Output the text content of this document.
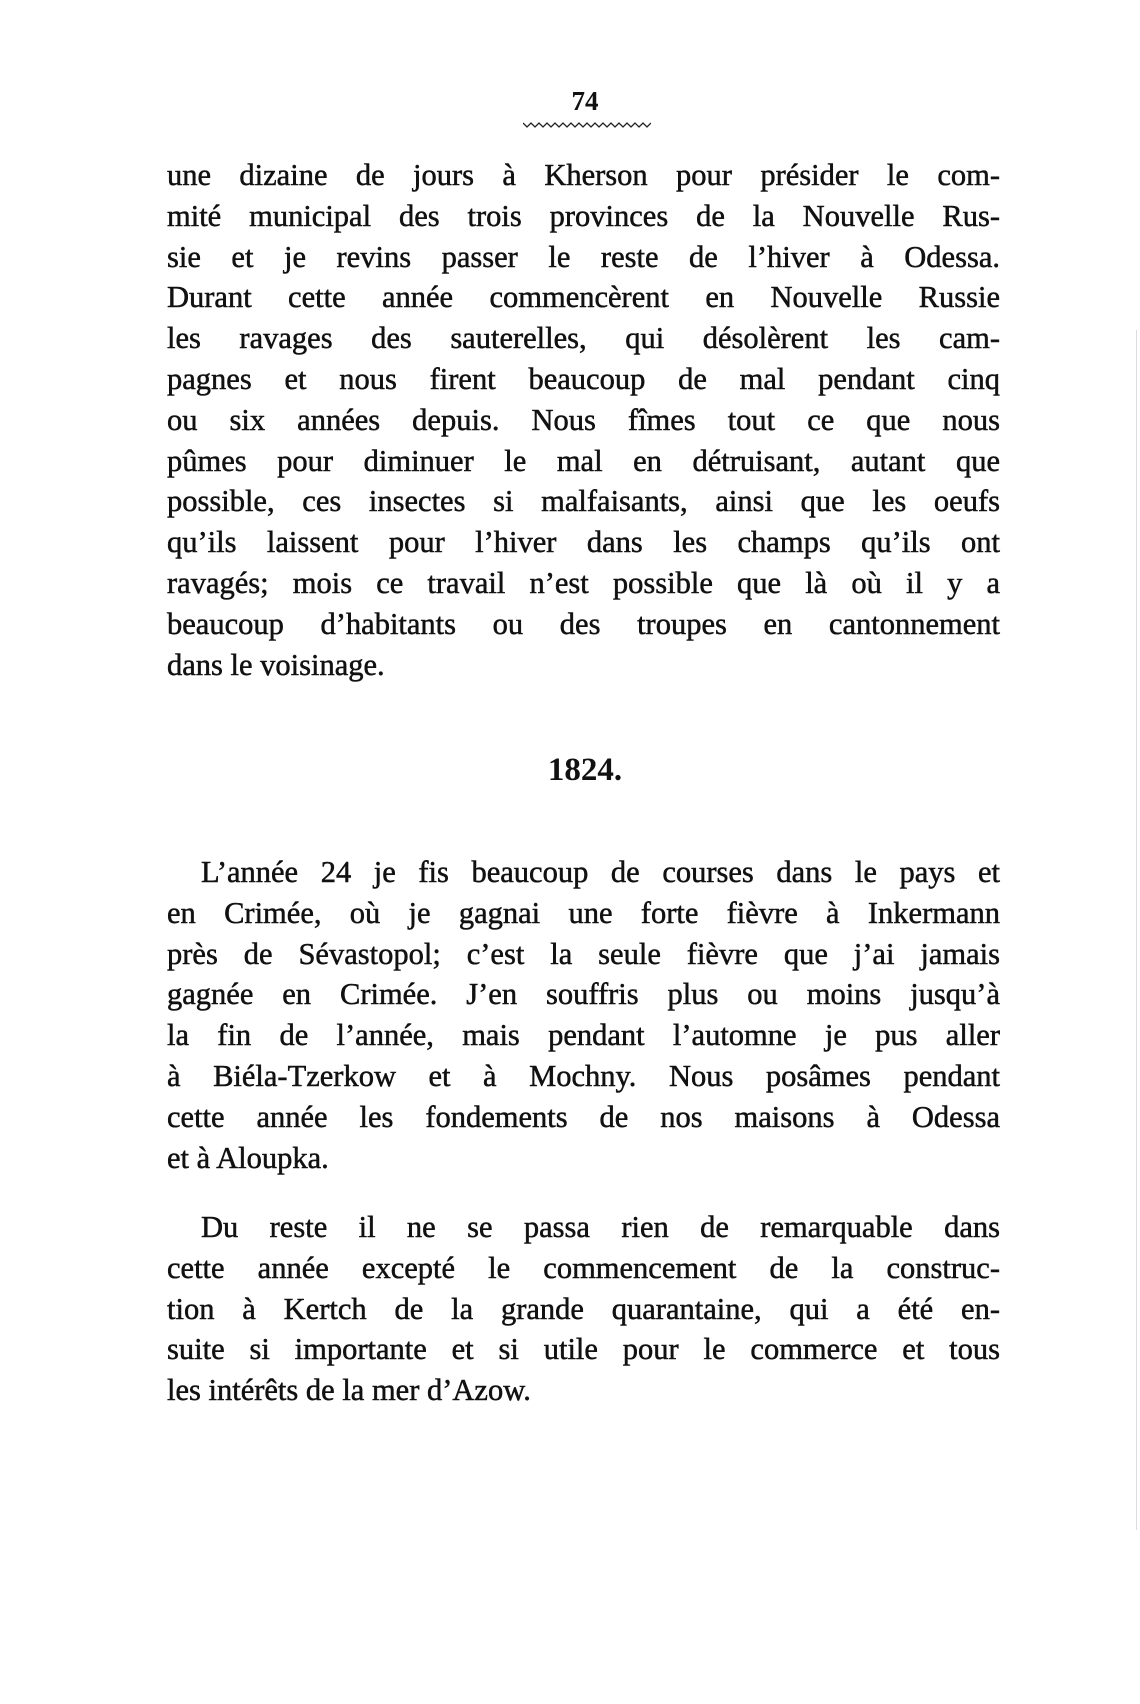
74
une dizaine de jours à Kherson pour présider le com-
mité municipal des trois provinces de la Nouvelle Rus-
sie et je revins passer le reste de l’hiver à Odessa.
Durant cette année commencèrent en Nouvelle Russie
les ravages des sauterelles, qui désolèrent les cam-
pagnes et nous firent beaucoup de mal pendant cinq
ou six années depuis. Nous fîmes tout ce que nous
pûmes pour diminuer le mal en détruisant, autant que
possible, ces insectes si malfaisants, ainsi que les oeufs
qu’ils laissent pour l’hiver dans les champs qu’ils ont
ravagés; mois ce travail n’est possible que là où il y a
beaucoup d’habitants ou des troupes en cantonnement
dans le voisinage.
1824.
L’année 24 je fis beaucoup de courses dans le pays et
en Crimée, où je gagnai une forte fièvre à Inkermann
près de Sévastopol; c’est la seule fièvre que j’ai jamais
gagnée en Crimée. J’en souffris plus ou moins jusqu’à
la fin de l’année, mais pendant l’automne je pus aller
à Biéla-Tzerkow et à Mochny. Nous posâmes pendant
cette année les fondements de nos maisons à Odessa
et à Aloupka.
Du reste il ne se passa rien de remarquable dans
cette année excepté le commencement de la construc-
tion à Kertch de la grande quarantaine, qui a été en-
suite si importante et si utile pour le commerce et tous
les intérêts de la mer d’Azow.
